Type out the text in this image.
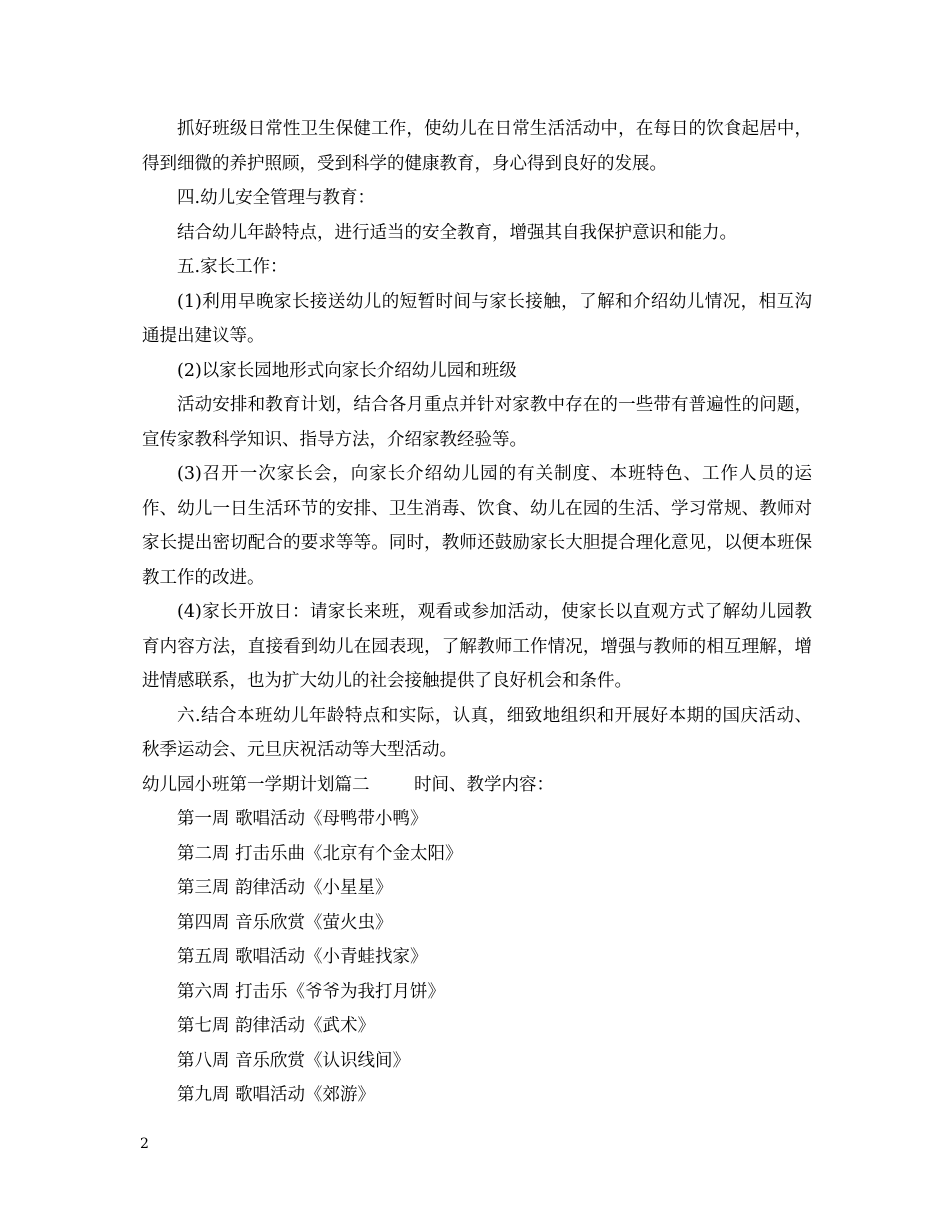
抓好班级日常性卫生保健工作，使幼儿在日常生活活动中，在每日的饮食起居中，得到细微的养护照顾，受到科学的健康教育，身心得到良好的发展。

四.幼儿安全管理与教育：

结合幼儿年龄特点，进行适当的安全教育，增强其自我保护意识和能力。

五.家长工作：

(1)利用早晚家长接送幼儿的短暂时间与家长接触，了解和介绍幼儿情况，相互沟通提出建议等。

(2)以家长园地形式向家长介绍幼儿园和班级

活动安排和教育计划，结合各月重点并针对家教中存在的一些带有普遍性的问题，宣传家教科学知识、指导方法，介绍家教经验等。

(3)召开一次家长会，向家长介绍幼儿园的有关制度、本班特色、工作人员的运作、幼儿一日生活环节的安排、卫生消毒、饮食、幼儿在园的生活、学习常规、教师对家长提出密切配合的要求等等。同时，教师还鼓励家长大胆提合理化意见，以便本班保教工作的改进。

(4)家长开放日：请家长来班，观看或参加活动，使家长以直观方式了解幼儿园教育内容方法，直接看到幼儿在园表现，了解教师工作情况，增强与教师的相互理解，增进情感联系，也为扩大幼儿的社会接触提供了良好机会和条件。

六.结合本班幼儿年龄特点和实际，认真，细致地组织和开展好本期的国庆活动、秋季运动会、元旦庆祝活动等大型活动。

幼儿园小班第一学期计划篇二	时间、教学内容：

第一周 歌唱活动《母鸭带小鸭》
第二周 打击乐曲《北京有个金太阳》
第三周 韵律活动《小星星》
第四周 音乐欣赏《萤火虫》
第五周 歌唱活动《小青蛙找家》
第六周 打击乐《爷爷为我打月饼》
第七周 韵律活动《武术》
第八周 音乐欣赏《认识线间》
第九周 歌唱活动《郊游》
2
